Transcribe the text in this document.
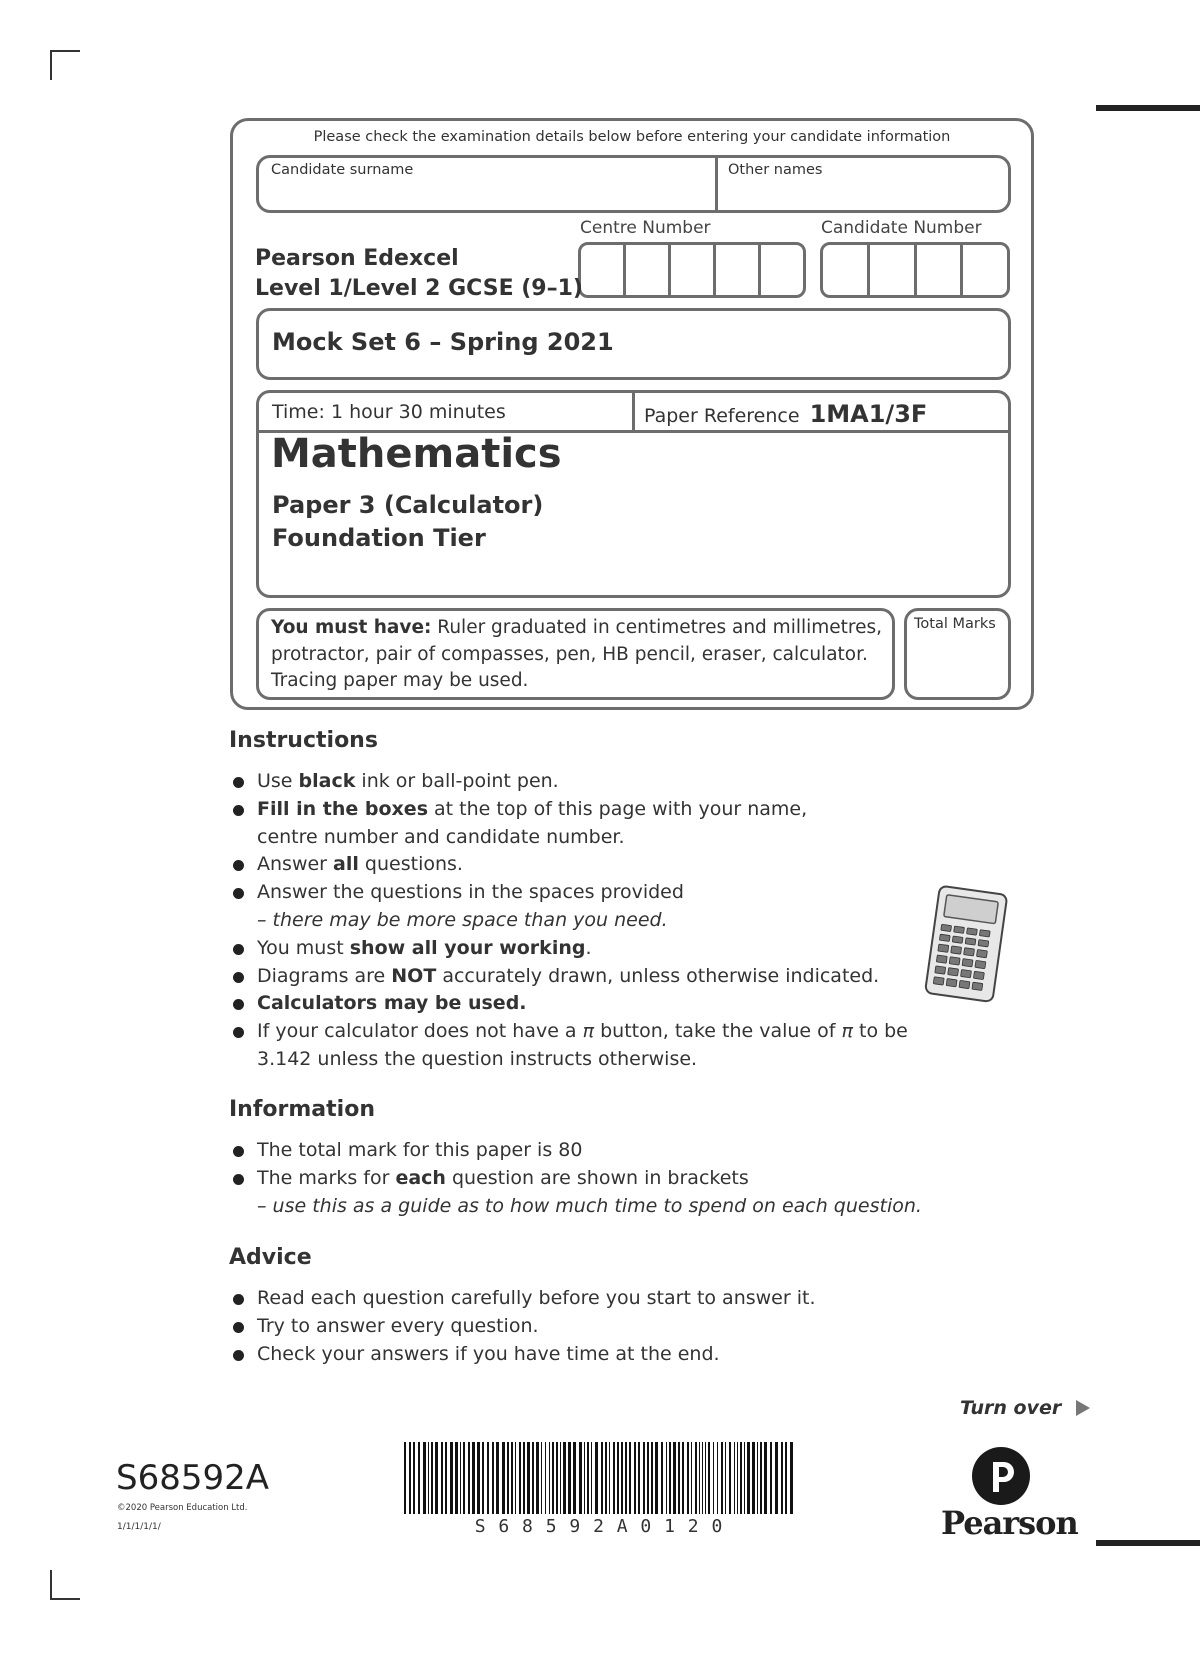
Please check the examination details below before entering your candidate information
Candidate surname	Other names
Centre Number	Candidate Number
Pearson Edexcel
Level 1/Level 2 GCSE (9–1)
Mock Set 6 – Spring 2021
Time: 1 hour 30 minutes	Paper Reference 1MA1/3F
Mathematics
Paper 3 (Calculator)
Foundation Tier
You must have: Ruler graduated in centimetres and millimetres,
protractor, pair of compasses, pen, HB pencil, eraser, calculator.
Tracing paper may be used.
Total Marks
Instructions
Use black ink or ball-point pen.
Fill in the boxes at the top of this page with your name,
centre number and candidate number.
Answer all questions.
Answer the questions in the spaces provided
– there may be more space than you need.
You must show all your working.
Diagrams are NOT accurately drawn, unless otherwise indicated.
Calculators may be used.
If your calculator does not have a π button, take the value of π to be
3.142 unless the question instructs otherwise.
Information
The total mark for this paper is 80
The marks for each question are shown in brackets
– use this as a guide as to how much time to spend on each question.
Advice
Read each question carefully before you start to answer it.
Try to answer every question.
Check your answers if you have time at the end.
Turn over
S68592A
©2020 Pearson Education Ltd.
1/1/1/1/1/	S 6 8 5 9 2 A 0 1 2 0	Pearson
